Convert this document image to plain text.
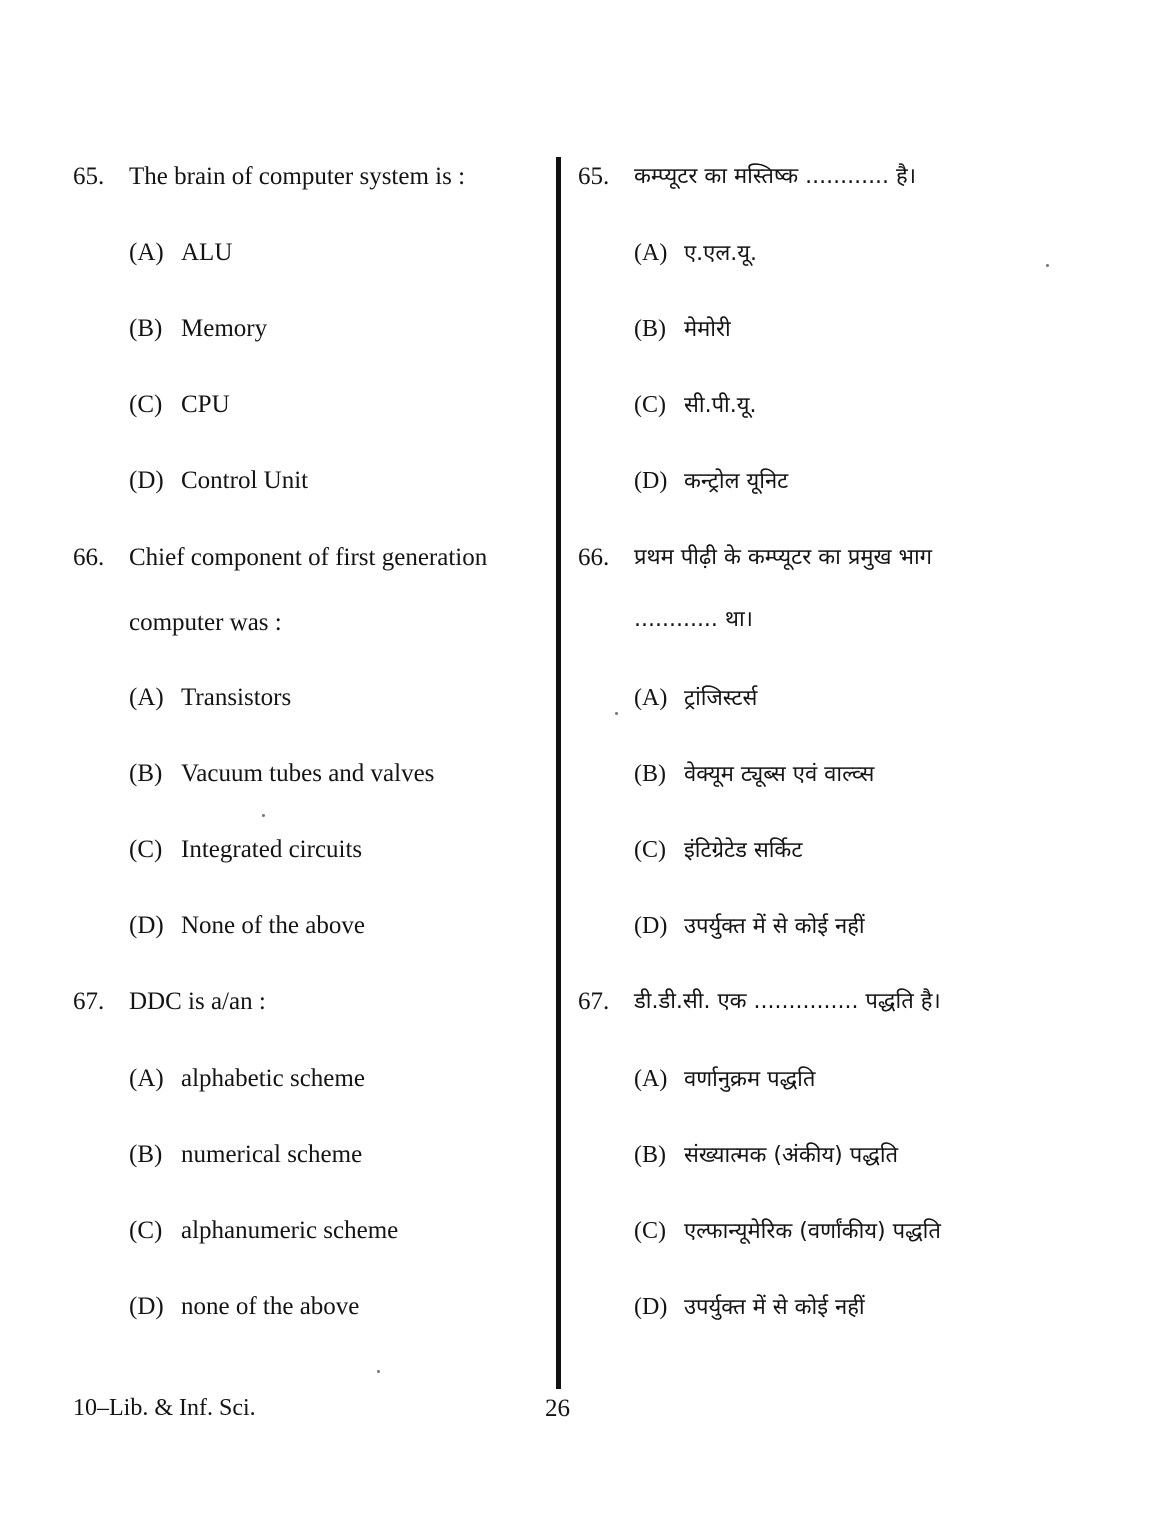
65. The brain of computer system is :
(A) ALU
(B) Memory
(C) CPU
(D) Control Unit
66. Chief component of first generation
computer was :
(A) Transistors
(B) Vacuum tubes and valves
(C) Integrated circuits
(D) None of the above
67. DDC is a/an :
(A) alphabetic scheme
(B) numerical scheme
(C) alphanumeric scheme
(D) none of the above
65. कम्प्यूटर का मस्तिष्क ............ है।
(A) ए.एल.यू.
(B) मेमोरी
(C) सी.पी.यू.
(D) कन्ट्रोल यूनिट
66. प्रथम पीढ़ी के कम्प्यूटर का प्रमुख भाग
............ था।
(A) ट्रांजिस्टर्स
(B) वेक्यूम ट्यूब्स एवं वाल्व्स
(C) इंटिग्रेटेड सर्किट
(D) उपर्युक्त में से कोई नहीं
67. डी.डी.सी. एक ............... पद्धति है।
(A) वर्णानुक्रम पद्धति
(B) संख्यात्मक (अंकीय) पद्धति
(C) एल्फान्यूमेरिक (वर्णांकीय) पद्धति
(D) उपर्युक्त में से कोई नहीं
10–Lib. & Inf. Sci.	26
